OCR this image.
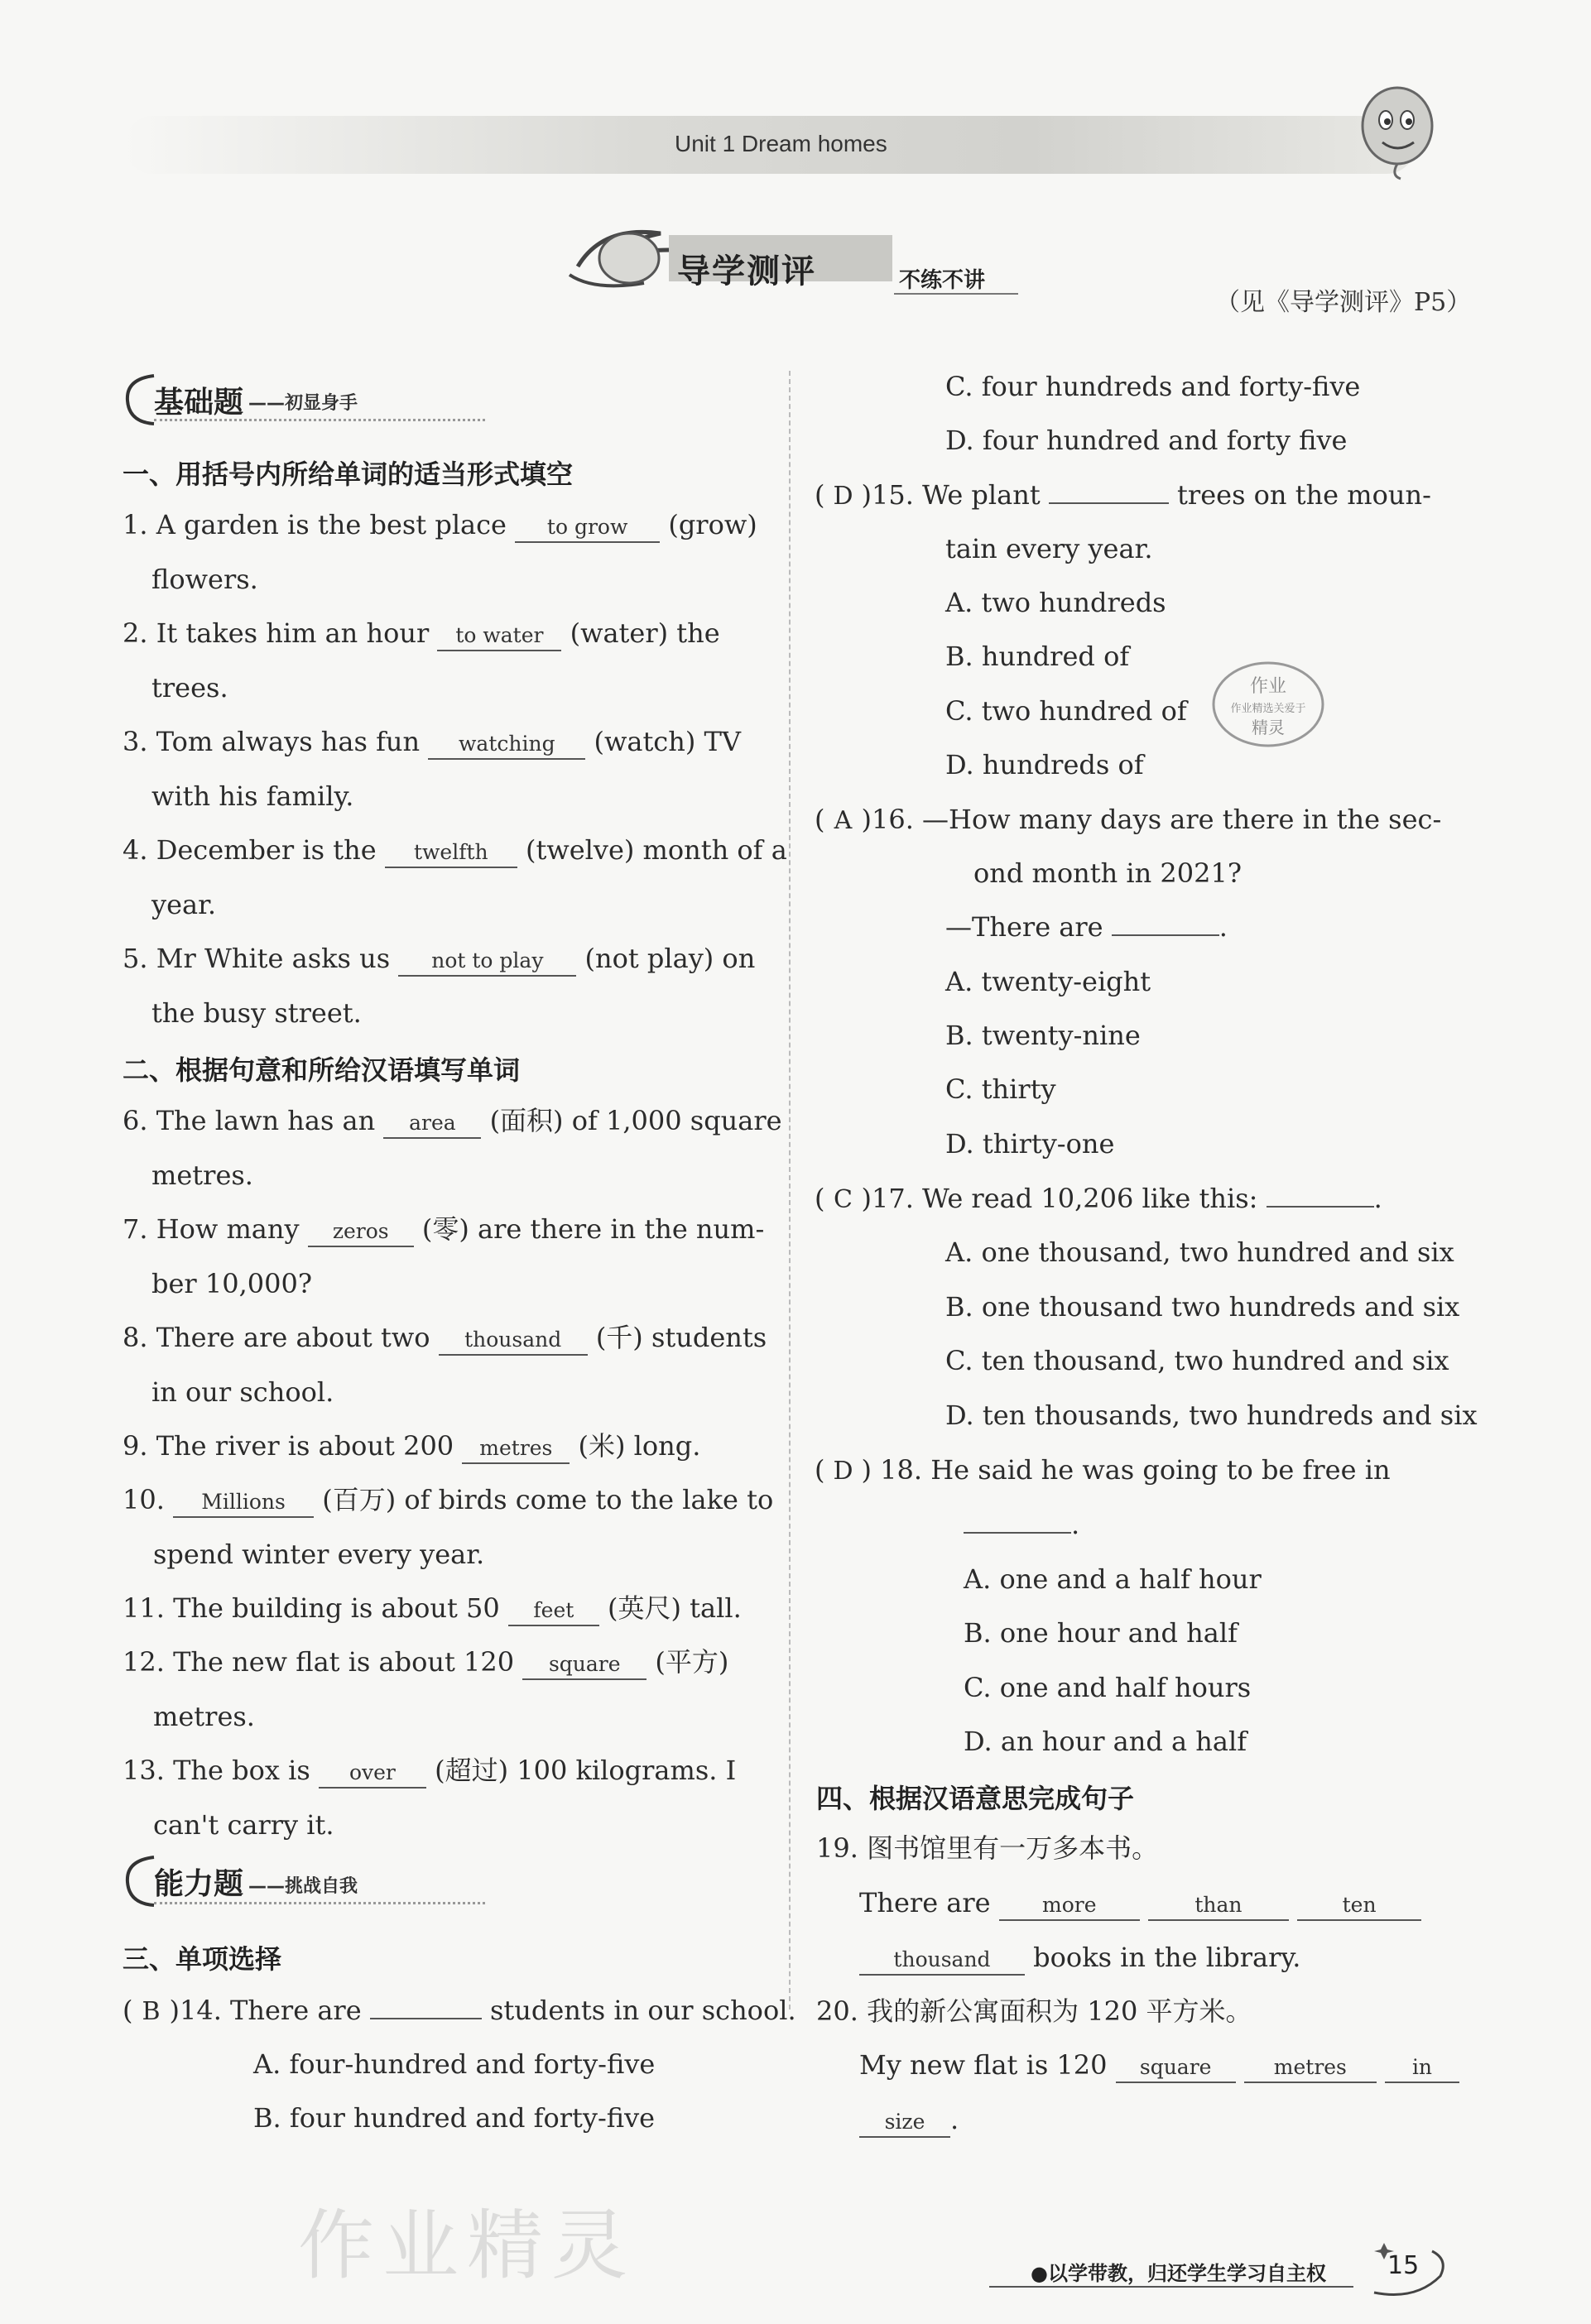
Unit 1 Dream homes
导学测评	不练不讲
（见《导学测评》P5）
基础题 ——初显身手
一、用括号内所给单词的适当形式填空
1. A garden is the best place to grow (grow)
flowers.
2. It takes him an hour to water (water) the
trees.
3. Tom always has fun watching (watch) TV
with his family.
4. December is the twelfth (twelve) month of a
year.
5. Mr White asks us not to play (not play) on
the busy street.
二、根据句意和所给汉语填写单词
6. The lawn has an area (面积) of 1,000 square
metres.
7. How many zeros (零) are there in the num-
ber 10,000?
8. There are about two thousand (千) students
in our school.
9. The river is about 200 metres (米) long.
10. Millions (百万) of birds come to the lake to
spend winter every year.
11. The building is about 50 feet (英尺) tall.
12. The new flat is about 120 square (平方)
metres.
13. The box is over (超过) 100 kilograms. I
can't carry it.
能力题 ——挑战自我
三、单项选择
( B )14. There are	students in our school.
A. four-hundred and forty-five
B. four hundred and forty-five
C. four hundreds and forty-five
D. four hundred and forty five
( D )15. We plant	trees on the moun-
tain every year.
A. two hundreds
B. hundred of
C. two hundred of
D. hundreds of
作业
作业精选关爱于
精灵
( A )16. —How many days are there in the sec-
ond month in 2021?
—There are	.
A. twenty-eight
B. twenty-nine
C. thirty
D. thirty-one
( C )17. We read 10,206 like this:	.
A. one thousand, two hundred and six
B. one thousand two hundreds and six
C. ten thousand, two hundred and six
D. ten thousands, two hundreds and six
( D ) 18. He said he was going to be free in
.
A. one and a half hour
B. one hour and half
C. one and half hours
D. an hour and a half
四、根据汉语意思完成句子
19. 图书馆里有一万多本书。
There are more	than	ten
thousand books in the library.
20. 我的新公寓面积为 120 平方米。
My new flat is 120 square	metres	in
size .
作业精灵	●以学带教，归还学生学习自主权 15
